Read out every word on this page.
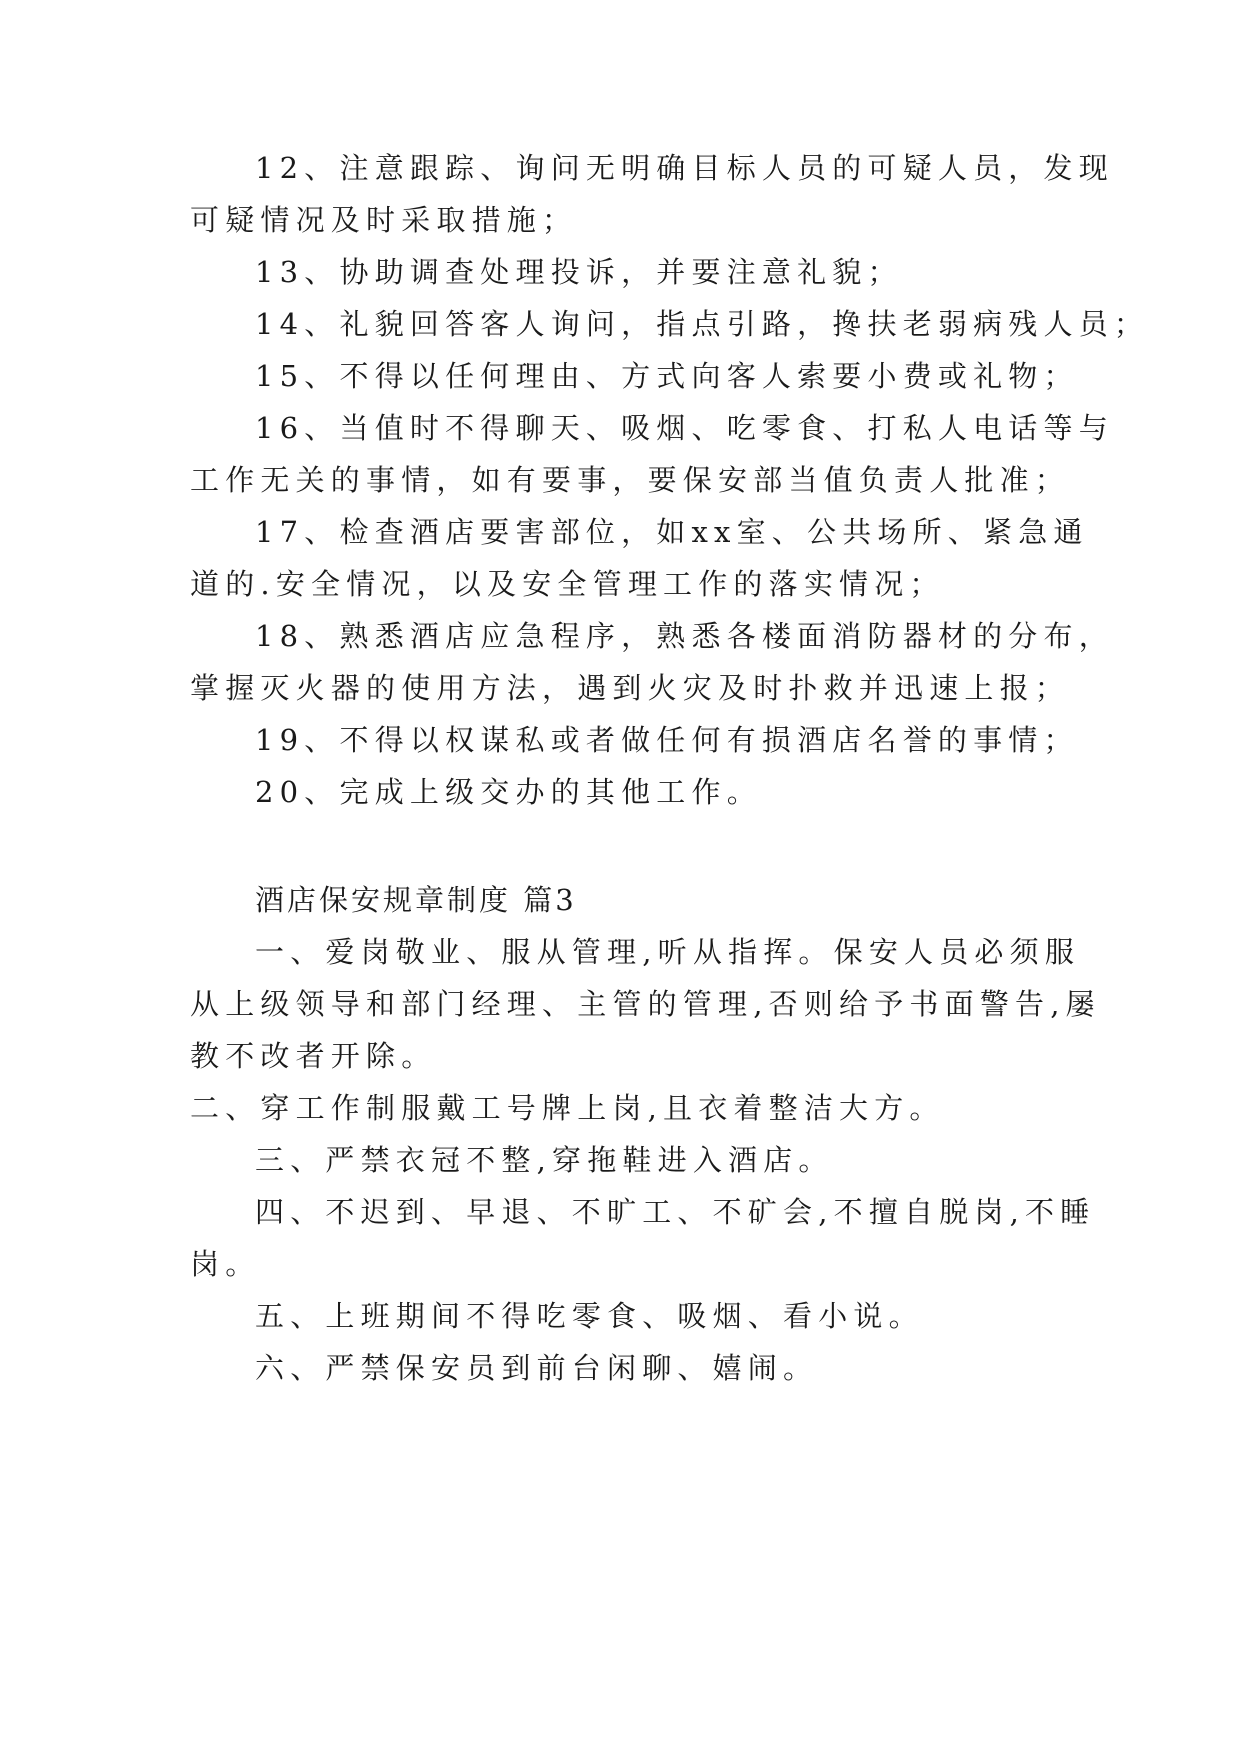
12、注意跟踪、询问无明确目标人员的可疑人员，发现
可疑情况及时采取措施；
13、协助调查处理投诉，并要注意礼貌；
14、礼貌回答客人询问，指点引路，搀扶老弱病残人员；
15、不得以任何理由、方式向客人索要小费或礼物；
16、当值时不得聊天、吸烟、吃零食、打私人电话等与
工作无关的事情，如有要事，要保安部当值负责人批准；
17、检查酒店要害部位，如xx室、公共场所、紧急通
道的.安全情况，以及安全管理工作的落实情况；
18、熟悉酒店应急程序，熟悉各楼面消防器材的分布，
掌握灭火器的使用方法，遇到火灾及时扑救并迅速上报；
19、不得以权谋私或者做任何有损酒店名誉的事情；
20、完成上级交办的其他工作。
酒店保安规章制度 篇3
一、爱岗敬业、服从管理,听从指挥。保安人员必须服
从上级领导和部门经理、主管的管理,否则给予书面警告,屡
教不改者开除。
二、穿工作制服戴工号牌上岗,且衣着整洁大方。
三、严禁衣冠不整,穿拖鞋进入酒店。
四、不迟到、早退、不旷工、不矿会,不擅自脱岗,不睡
岗。
五、上班期间不得吃零食、吸烟、看小说。
六、严禁保安员到前台闲聊、嬉闹。
